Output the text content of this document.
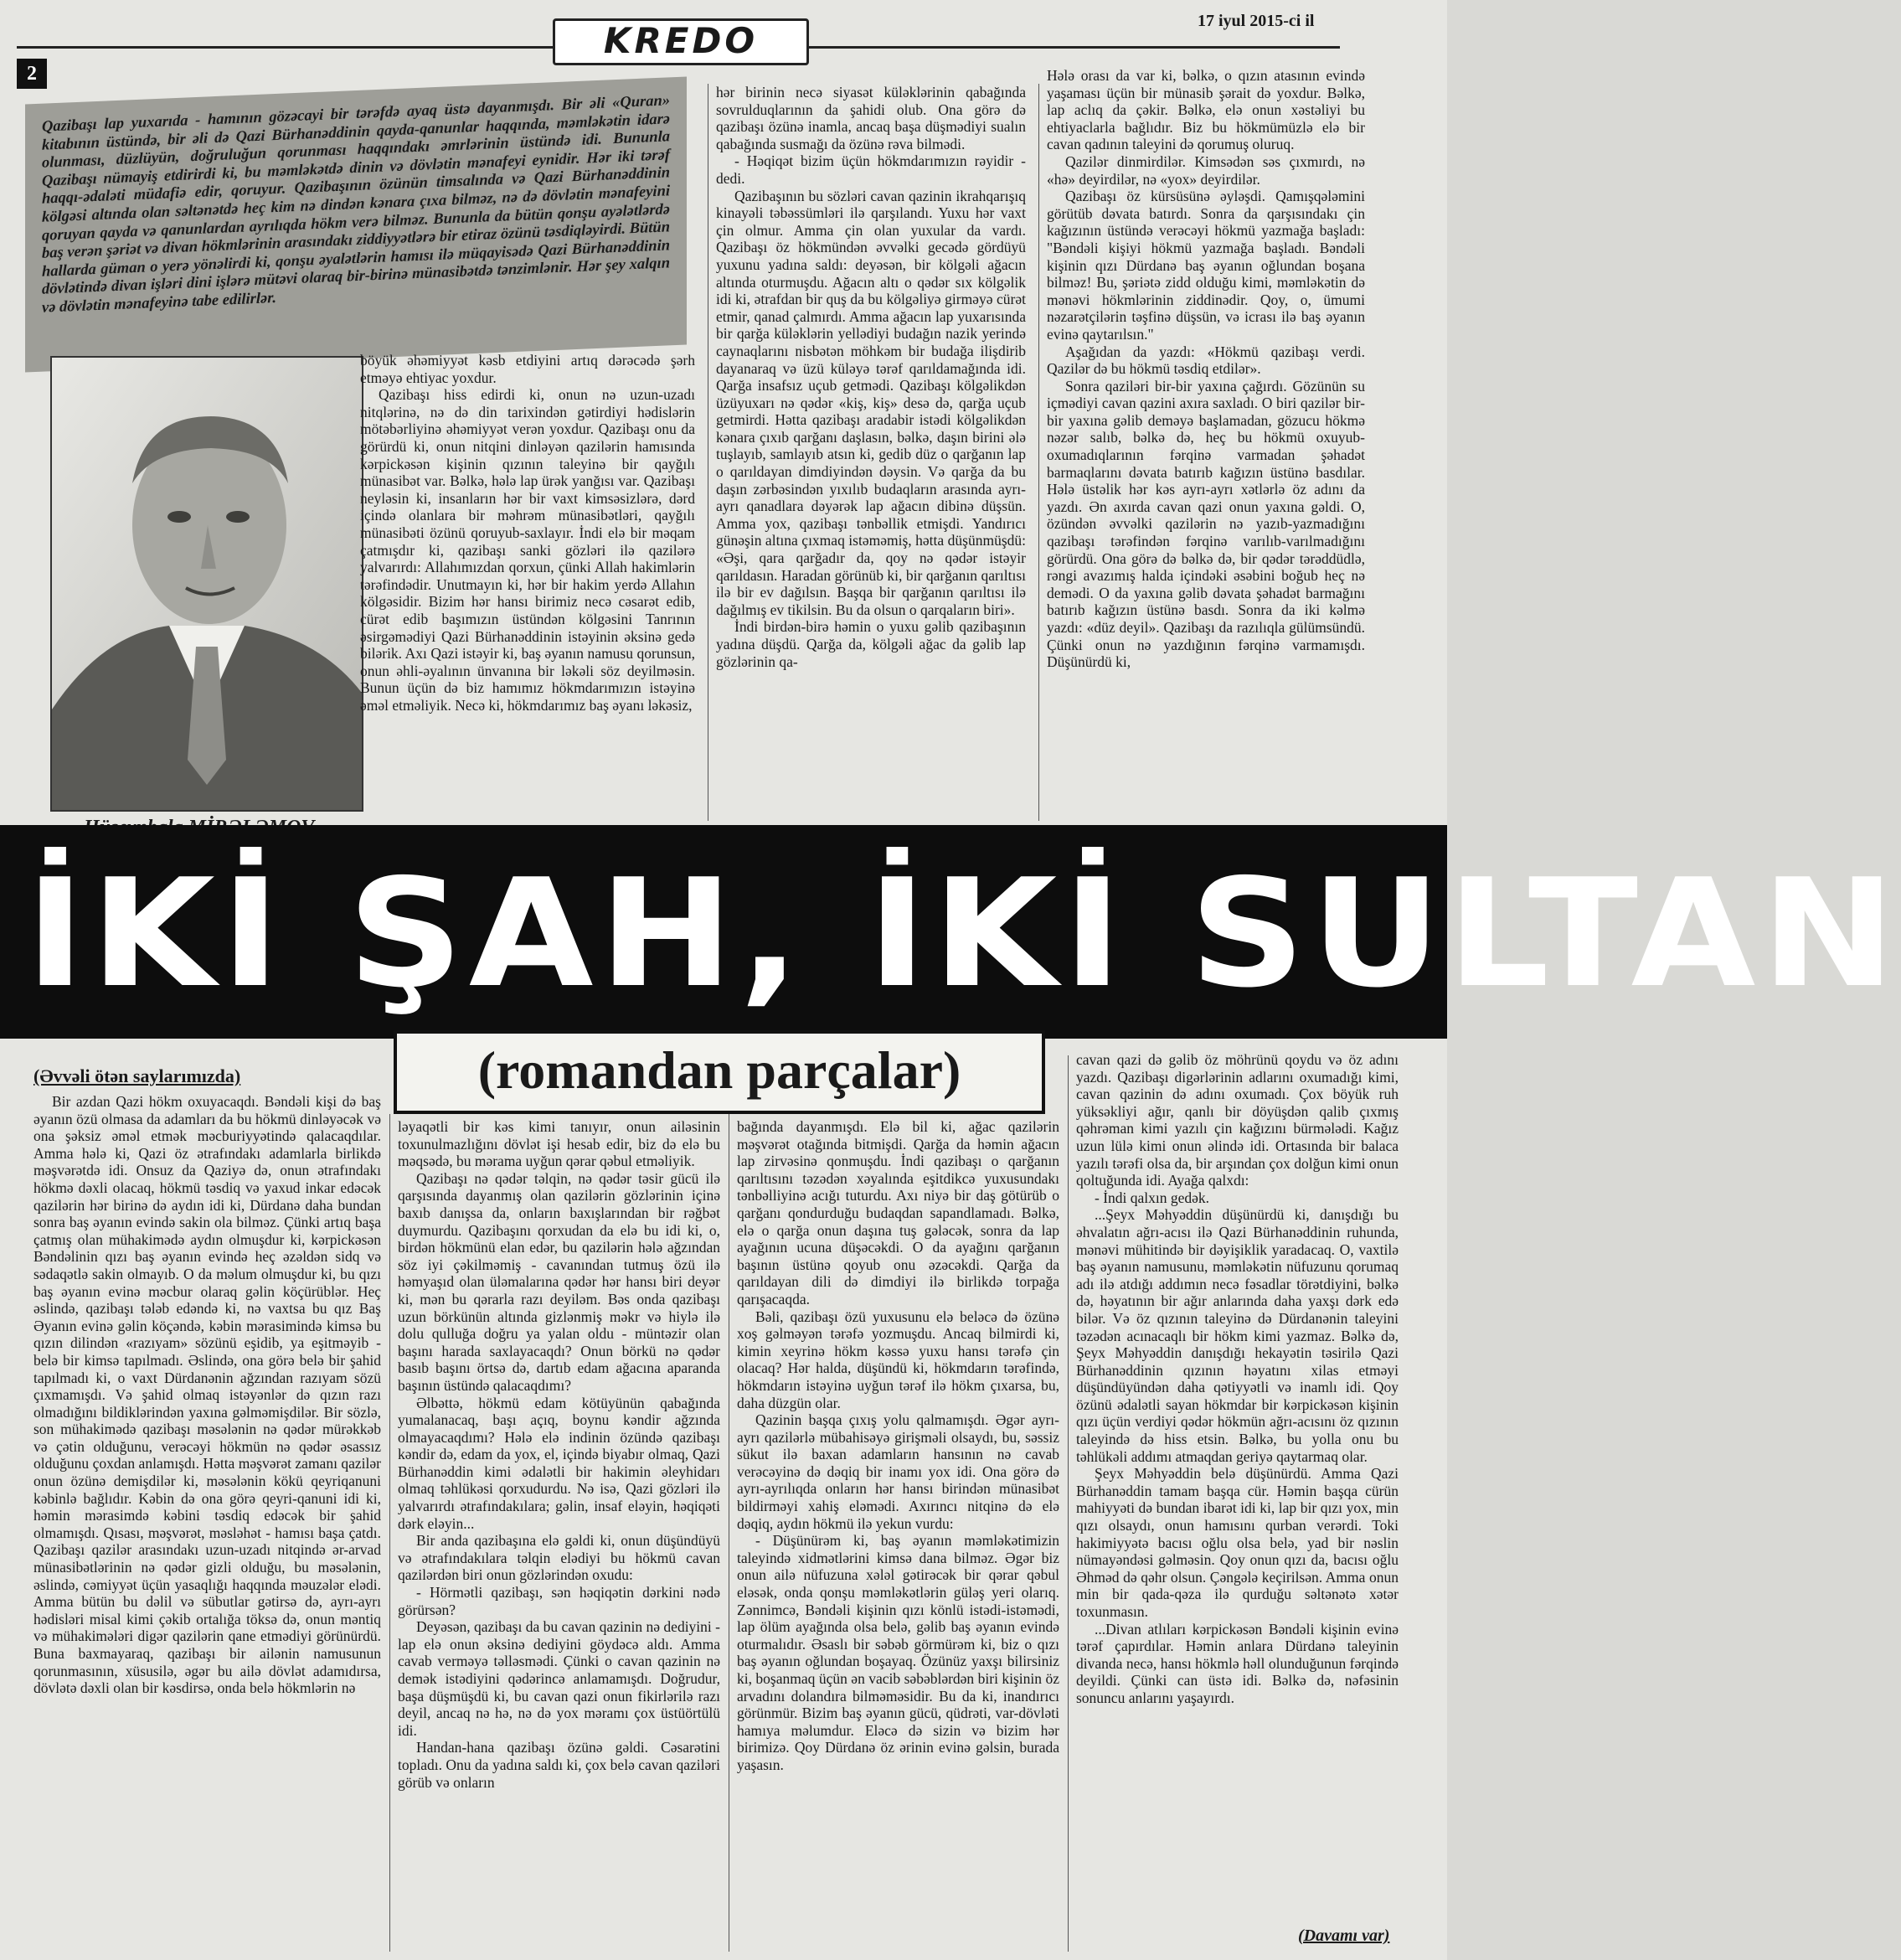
2
KREDO	17 iyul 2015-ci il
Qazibaşı lap yuxarıda - hamının gözəcayi bir tərəfdə ayaq üstə dayanmışdı. Bir əli «Quran» kitabının üstündə, bir əli də Qazi Bürhanəddinin qayda-qanunlar haqqında, məmləkətin idarə olunması, düzlüyün, doğruluğun qorunması haqqındakı əmrlərinin üstündə idi. Bununla Qazibaşı nümayiş etdirirdi ki, bu məmləkətdə dinin və dövlətin mənafeyi eynidir. Hər iki tərəf haqqı-ədaləti müdafiə edir, qoruyur. Qazibaşının özünün timsalında və Qazi Bürhanəddinin kölgəsi altında olan səltənətdə heç kim nə dindən kənara çıxa bilməz, nə də dövlətin mənafeyini qoruyan qayda və qanunlardan ayrılıqda hökm verə bilməz. Bununla da bütün qonşu ayələtlərdə baş verən şəriət və divan hökmlərinin arasındakı ziddiyyətlərə bir etiraz özünü təsdiqləyirdi. Bütün hallarda güman o yerə yönəlirdi ki, qonşu əyalətlərin hamısı ilə müqayisədə Qazi Bürhanəddinin dövlətində divan işləri dini işlərə mütəvi olaraq bir-birinə münasibətdə tənzimlənir. Hər şey xalqın və dövlətin mənafeyinə tabe edilirlər.

böyük əhəmiyyət kəsb etdiyini artıq dərəcədə şərh etməyə ehtiyac yoxdur.

Qazibaşı hiss edirdi ki, onun nə uzun-uzadı nitqlərinə, nə də din tarixindən gətirdiyi hədislərin mötəbərliyinə əhəmiyyət verən yoxdur. Qazibaşı onu da görürdü ki, onun nitqini dinləyən qazilərin hamısında kərpickəsən kişinin qızının taleyinə bir qayğılı münasibət var. Bəlkə, hələ lap ürək yanğısı var. Qazibaşı neyləsin ki, insanların hər bir vaxt kimsəsizlərə, dərd içində olanlara bir məhrəm münasibətləri, qayğılı münasibəti özünü qoruyub-saxlayır. İndi elə bir məqam çatmışdır ki, qazibaşı sanki gözləri ilə qazilərə yalvarırdı: Allahımızdan qorxun, çünki Allah hakimlərin tərəfindədir. Unutmayın ki, hər bir hakim yerdə Allahın kölgəsidir. Bizim hər hansı birimiz necə cəsarət edib, cürət edib başımızın üstündən kölgəsini Tanrının əsirgəmədiyi Qazi Bürhanəddinin istəyinin əksinə gedə bilərik. Axı Qazi istəyir ki, baş əyanın namusu qorunsun, onun əhli-əyalının ünvanına bir ləkəli söz deyilməsin. Bunun üçün də biz hamımız hökmdarımızın istəyinə əməl etməliyik. Necə ki, hökmdarımız baş əyanı ləkəsiz,

hər birinin necə siyasət küləklərinin qabağında sovrulduqlarının da şahidi olub. Ona görə də qazibaşı özünə inamla, ancaq başa düşmədiyi sualın qabağında susmağı da özünə rəva bilmədi.

- Həqiqət bizim üçün hökmdarımızın rəyidir - dedi.

Qazibaşının bu sözləri cavan qazinin ikrahqarışıq kinayəli təbəssümləri ilə qarşılandı. Yuxu hər vaxt çin olmur. Amma çin olan yuxular da vardı. Qazibaşı öz hökmündən əvvəlki gecədə gördüyü yuxunu yadına saldı: deyəsən, bir kölgəli ağacın altında oturmuşdu. Ağacın altı o qədər sıx kölgəlik idi ki, ətrafdan bir quş da bu kölgəliyə girməyə cürət etmir, qanad çalmırdı. Amma ağacın lap yuxarısında bir qarğa küləklərin yellədiyi budağın nazik yerində caynaqlarını nisbətən möhkəm bir budağa ilişdirib dayanaraq və üzü küləyə tərəf qarıldamağında idi. Qarğa insafsız uçub getmədi. Qazibaşı kölgəlikdən üzüyuxarı nə qədər «kiş, kiş» desə də, qarğa uçub getmirdi. Hətta qazibaşı aradabir istədi kölgəlikdən kənara çıxıb qarğanı daşlasın, bəlkə, daşın birini ələ tuşlayıb, samlayıb atsın ki, gedib düz o qarğanın lap o qarıldayan dimdiyindən dəysin. Və qarğa da bu daşın zərbəsindən yıxılıb budaqların arasında ayrı-ayrı qanadlara dəyərək lap ağacın dibinə düşsün. Amma yox, qazibaşı tənbəllik etmişdi. Yandırıcı günəşin altına çıxmaq istəməmiş, hətta düşünmüşdü: «Əşi, qara qarğadır da, qoy nə qədər istəyir qarıldasın. Haradan görünüb ki, bir qarğanın qarıltısı ilə bir ev dağılsın. Başqa bir qarğanın qarıltısı ilə dağılmış ev tikilsin. Bu da olsun o qarqaların biri».

İndi birdən-birə həmin o yuxu gəlib qazibaşının yadına düşdü. Qarğa da, kölgəli ağac da gəlib lap gözlərinin qa-

Hələ orası da var ki, bəlkə, o qızın atasının evində yaşaması üçün bir münasib şərait də yoxdur. Bəlkə, lap aclıq da çəkir. Bəlkə, elə onun xəstəliyi bu ehtiyaclarla bağlıdır. Biz bu hökmümüzlə elə bir cavan qadının taleyini də qorumuş oluruq.

Qazilər dinmirdilər. Kimsədən səs çıxmırdı, nə «hə» deyirdilər, nə «yox» deyirdilər.

Qazibaşı öz kürsüsünə əyləşdi. Qamışqələmini görütüb dəvata batırdı. Sonra da qarşısındakı çin kağızının üstündə verəcəyi hökmü yazmağa başladı: "Bəndəli kişiyi hökmü yazmağa başladı. Bəndəli kişinin qızı Dürdanə baş əyanın oğlundan boşana bilməz! Bu, şəriətə zidd olduğu kimi, məmləkətin də mənəvi hökmlərinin ziddinədir. Qoy, o, ümumi nəzarətçilərin təşfinə düşsün, və icrası ilə baş əyanın evinə qaytarılsın."

Aşağıdan da yazdı: «Hökmü qazibaşı verdi. Qazilər də bu hökmü təsdiq etdilər».

Sonra qaziləri bir-bir yaxına çağırdı. Gözünün su içmədiyi cavan qazini axıra saxladı. O biri qazilər bir-bir yaxına gəlib deməyə başlamadan, gözucu hökmə nəzər salıb, bəlkə də, heç bu hökmü oxuyub-oxumadıqlarının fərqinə varmadan şəhadət barmaqlarını dəvata batırıb kağızın üstünə basdılar. Hələ üstəlik hər kəs ayrı-ayrı xətlərlə öz adını da yazdı. Ən axırda cavan qazi onun yaxına gəldi. O, özündən əvvəlki qazilərin nə yazıb-yazmadığını qazibaşı tərəfindən fərqinə varılıb-varılmadığını görürdü. Ona görə də bəlkə də, bir qədər tərəddüdlə, rəngi avazımış halda içindəki əsəbini boğub heç nə demədi. O da yaxına gəlib dəvata şəhadət barmağını batırıb kağızın üstünə basdı. Sonra da iki kəlmə yazdı: «düz deyil». Qazibaşı da razılıqla gülümsündü. Çünki onun nə yazdığının fərqinə varmamışdı. Düşünürdü ki,

İKİ ŞAH, İKİ SULTAN
(romandan parçalar)
(Əvvəli ötən saylarımızda)

Bir azdan Qazi hökm oxuyacaqdı. Bəndəli kişi də baş əyanın özü olmasa da adamları da bu hökmü dinləyəcək və ona şəksiz əməl etmək məcburiyyətində qalacaqdılar. Amma hələ ki, Qazi öz ətrafındakı adamlarla birlikdə məşvərətdə idi. Onsuz da Qaziyə də, onun ətrafındakı hökmə dəxli olacaq, hökmü təsdiq və yaxud inkar edəcək qazilərin hər birinə də aydın idi ki, Dürdanə daha bundan sonra baş əyanın evində sakin ola bilməz. Çünki artıq başa çatmış olan mühakimədə aydın olmuşdur ki, kərpickəsən Bəndəlinin qızı baş əyanın evində heç əzəldən sidq və sədaqətlə sakin olmayıb. O da məlum olmuşdur ki, bu qızı baş əyanın evinə məcbur olaraq gəlin köçürüblər. Heç əslində, qazibaşı tələb edəndə ki, nə vaxtsa bu qız Baş Əyanın evinə gəlin köçəndə, kəbin mərasimində kimsə bu qızın dilindən «razıyam» sözünü eşidib, ya eşitməyib - belə bir kimsə tapılmadı. Əslində, ona görə belə bir şahid tapılmadı ki, o vaxt Dürdanənin ağzından razıyam sözü çıxmamışdı. Və şahid olmaq istəyənlər də qızın razı olmadığını bildiklərindən yaxına gəlməmişdilər. Bir sözlə, son mühakimədə qazibaşı məsələnin nə qədər mürəkkəb və çətin olduğunu, verəcəyi hökmün nə qədər əsassız olduğunu çoxdan anlamışdı. Hətta məşvərət zamanı qazilər onun özünə demişdilər ki, məsələnin kökü qeyriqanuni kəbinlə bağlıdır. Kəbin də ona görə qeyri-qanuni idi ki, həmin mərasimdə kəbini təsdiq edəcək bir şahid olmamışdı. Qısası, məşvərət, məsləhət - hamısı başa çatdı. Qazibaşı qazilər arasındakı uzun-uzadı nitqində ər-arvad münasibətlərinin nə qədər gizli olduğu, bu məsələnin, əslində, cəmiyyət üçün yasaqlığı haqqında məuzələr elədi. Amma bütün bu dəlil və sübutlar gətirsə də, ayrı-ayrı hədisləri misal kimi çəkib ortalığa töksə də, onun məntiq və mühakimələri digər qazilərin qane etmədiyi görünürdü. Buna baxmayaraq, qazibaşı bir ailənin namusunun qorunmasının, xüsusilə, əgər bu ailə dövlət adamıdırsa, dövlətə dəxli olan bir kəsdirsə, onda belə hökmlərin nə

ləyaqətli bir kəs kimi tanıyır, onun ailəsinin toxunulmazlığını dövlət işi hesab edir, biz də elə bu məqsədə, bu mərama uyğun qərar qəbul etməliyik.

Qazibaşı nə qədər təlqin, nə qədər təsir gücü ilə qarşısında dayanmış olan qazilərin gözlərinin içinə baxıb danışsa da, onların baxışlarından bir rəğbət duymurdu. Qazibaşını qorxudan da elə bu idi ki, o, birdən hökmünü elan edər, bu qazilərin hələ ağzından söz iyi çəkilməmiş - cavanından tutmuş özü ilə həmyaşıd olan üləmalarına qədər hər hansı biri deyər ki, mən bu qərarla razı deyiləm. Bəs onda qazibaşı uzun börkünün altında gizlənmiş məkr və hiylə ilə dolu qulluğa doğru ya yalan oldu - müntəzir olan başını harada saxlayacaqdı? Onun börkü nə qədər basıb başını örtsə də, dartıb edam ağacına aparanda başının üstündə qalacaqdımı?

Əlbəttə, hökmü edam kötüyünün qabağında yumalanacaq, başı açıq, boynu kəndir ağzında olmayacaqdımı? Hələ elə indinin özündə qazibaşı kəndir də, edam da yox, el, içində biyabır olmaq, Qazi Bürhanəddin kimi ədalətli bir hakimin əleyhidarı olmaq təhlükəsi qorxudurdu. Nə isə, Qazi gözləri ilə yalvarırdı ətrafındakılara; gəlin, insaf eləyin, həqiqəti dərk eləyin...

Bir anda qazibaşına elə gəldi ki, onun düşündüyü və ətrafındakılara təlqin elədiyi bu hökmü cavan qazilərdən biri onun gözlərindən oxudu:

- Hörmətli qazibaşı, sən həqiqətin dərkini nədə görürsən?

Deyəsən, qazibaşı da bu cavan qazinin nə dediyini - lap elə onun əksinə dediyini göydəcə aldı. Amma cavab verməyə təlləsmədi. Çünki o cavan qazinin nə demək istədiyini qədərincə anlamamışdı. Doğrudur, başa düşmüşdü ki, bu cavan qazi onun fikirlərilə razı deyil, ancaq nə hə, nə də yox məramı çox üstüörtülü idi.

Handan-hana qazibaşı özünə gəldi. Cəsarətini topladı. Onu da yadına saldı ki, çox belə cavan qaziləri görüb və onların

bağında dayanmışdı. Elə bil ki, ağac qazilərin məşvərət otağında bitmişdi. Qarğa da həmin ağacın lap zirvəsinə qonmuşdu. İndi qazibaşı o qarğanın qarıltısını təzədən xəyalında eşitdikcə yuxusundakı tənbəlliyinə acığı tuturdu. Axı niyə bir daş götürüb o qarğanı qondurduğu budaqdan sapandlamadı. Bəlkə, elə o qarğa onun daşına tuş gələcək, sonra da lap ayağının ucuna düşəcəkdi. O da ayağını qarğanın başının üstünə qoyub onu əzəcəkdi. Qarğa da qarıldayan dili də dimdiyi ilə birlikdə torpağa qarışacaqda.

Bəli, qazibaşı özü yuxusunu elə beləcə də özünə xoş gəlməyən tərəfə yozmuşdu. Ancaq bilmirdi ki, kimin xeyrinə hökm kəssə yuxu hansı tərəfə çin olacaq? Hər halda, düşündü ki, hökmdarın tərəfində, hökmdarın istəyinə uyğun tərəf ilə hökm çıxarsa, bu, daha düzgün olar.

Qazinin başqa çıxış yolu qalmamışdı. Əgər ayrı-ayrı qazilərlə mübahisəyə girişməli olsaydı, bu, səssiz sükut ilə baxan adamların hansının nə cavab verəcəyinə də dəqiq bir inamı yox idi. Ona görə də ayrı-ayrılıqda onların hər hansı birindən münasibət bildirməyi xahiş eləmədi. Axırıncı nitqinə də elə dəqiq, aydın hökmü ilə yekun vurdu:

- Düşünürəm ki, baş əyanın məmləkətimizin taleyində xidmətlərini kimsə dana bilməz. Əgər biz onun ailə nüfuzuna xələl gətirəcək bir qərar qəbul eləsək, onda qonşu məmləkətlərin güləş yeri olarıq. Zənnimcə, Bəndəli kişinin qızı könlü istədi-istəmədi, lap ölüm ayağında olsa belə, gəlib baş əyanın evində oturmalıdır. Əsaslı bir səbəb görmürəm ki, biz o qızı baş əyanın oğlundan boşayaq. Özünüz yaxşı bilirsiniz ki, boşanmaq üçün ən vacib səbəblərdən biri kişinin öz arvadını dolandıra bilməməsidir. Bu da ki, inandırıcı görünmür. Bizim baş əyanın gücü, qüdrəti, var-dövləti hamıya məlumdur. Eləcə də sizin və bizim hər birimizə. Qoy Dürdanə öz ərinin evinə gəlsin, burada yaşasın.

cavan qazi də gəlib öz möhrünü qoydu və öz adını yazdı. Qazibaşı digərlərinin adlarını oxumadığı kimi, cavan qazinin də adını oxumadı. Çox böyük ruh yüksəkliyi ağır, qanlı bir döyüşdən qalib çıxmış qəhrəman kimi yazılı çin kağızını bürmələdi. Kağız uzun lülə kimi onun əlində idi. Ortasında bir balaca yazılı tərəfi olsa da, bir arşından çox dolğun kimi onun qoltuğunda idi. Ayağa qalxdı:

- İndi qalxın gedək.

...Şeyx Məhyəddin düşünürdü ki, danışdığı bu əhvalatın ağrı-acısı ilə Qazi Bürhanəddinin ruhunda, mənəvi mühitində bir dəyişiklik yaradacaq. O, vaxtilə baş əyanın namusunu, məmləkətin nüfuzunu qorumaq adı ilə atdığı addımın necə fəsadlar törətdiyini, bəlkə də, həyatının bir ağır anlarında daha yaxşı dərk edə bilər. Və öz qızının taleyinə də Dürdanənin taleyini təzədən acınacaqlı bir hökm kimi yazmaz. Bəlkə də, Şeyx Məhyəddin danışdığı hekayətin təsirilə Qazi Bürhanəddinin qızının həyatını xilas etməyi düşündüyündən daha qətiyyətli və inamlı idi. Qoy özünü ədalətli sayan hökmdar bir kərpickəsən kişinin qızı üçün verdiyi qədər hökmün ağrı-acısını öz qızının taleyində də hiss etsin. Bəlkə, bu yolla onu bu təhlükəli addımı atmaqdan geriyə qaytarmaq olar.

Şeyx Məhyəddin belə düşünürdü. Amma Qazi Bürhanəddin tamam başqa cür. Həmin başqa cürün mahiyyəti də bundan ibarət idi ki, lap bir qızı yox, min qızı olsaydı, onun hamısını qurban verərdi. Toki hakimiyyətə bacısı oğlu olsa belə, yad bir nəslin nümayəndəsi gəlməsin. Qoy onun qızı da, bacısı oğlu Əhməd də qəhr olsun. Çəngələ keçirilsən. Amma onun min bir qada-qəza ilə qurduğu səltənətə xətər toxunmasın.

...Divan atlıları kərpickəsən Bəndəli kişinin evinə tərəf çapırdılar. Həmin anlara Dürdanə taleyinin divanda necə, hansı hökmlə həll olunduğunun fərqində deyildi. Çünki can üstə idi. Bəlkə də, nəfəsinin sonuncu anlarını yaşayırdı.

(Davamı var)
